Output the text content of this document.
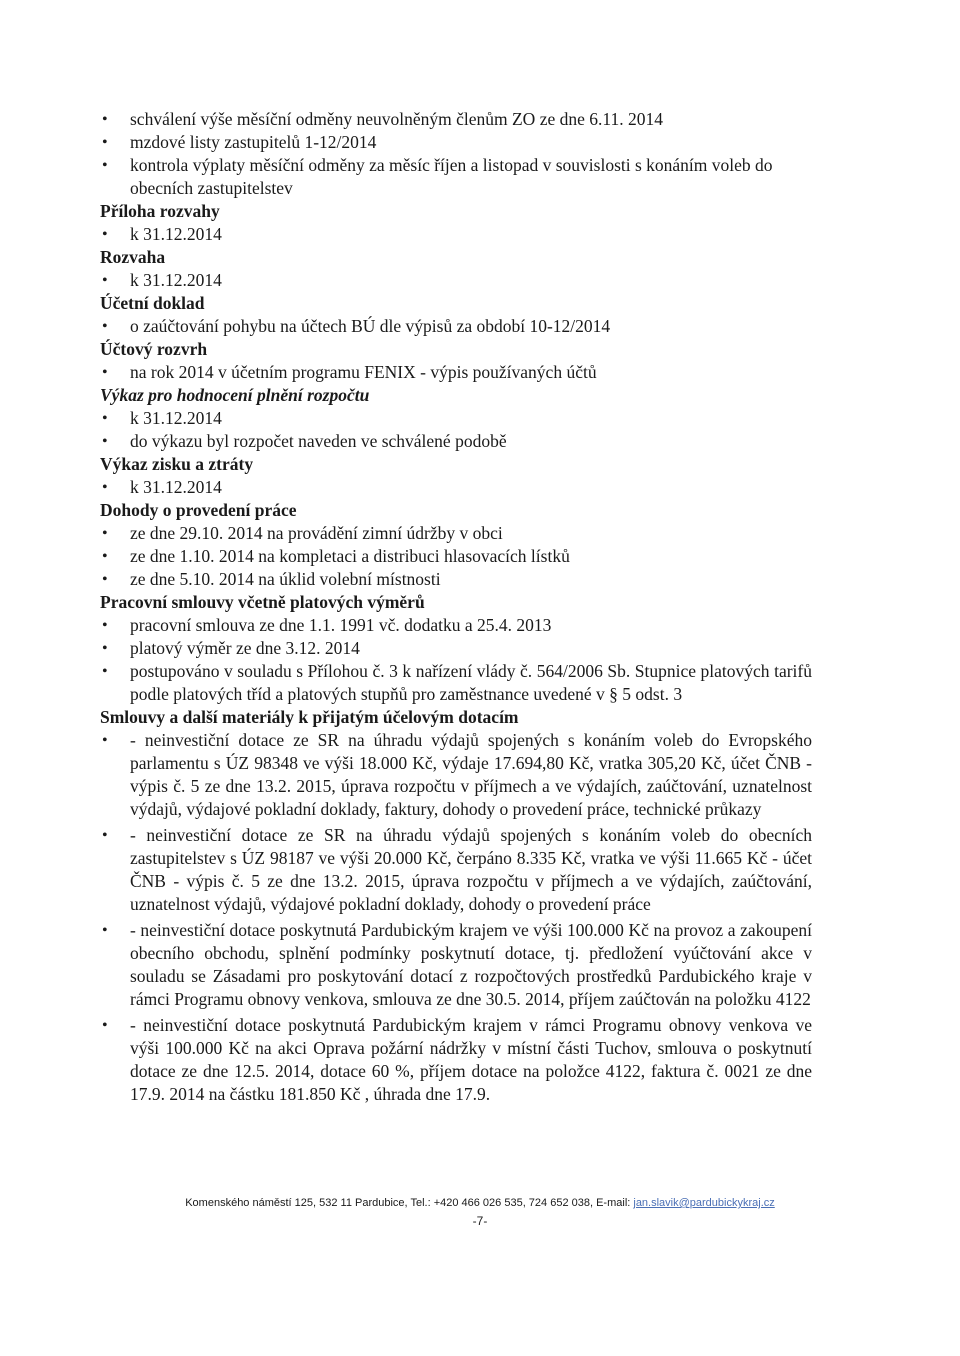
• schválení výše měsíční odměny neuvolněným členům ZO ze dne 6.11. 2014
• mzdové listy zastupitelů 1-12/2014
• kontrola výplaty měsíční odměny za měsíc říjen a listopad v souvislosti s konáním voleb do obecních zastupitelstev

Příloha rozvahy

• k 31.12.2014

Rozvaha

• k 31.12.2014

Účetní doklad

• o zaúčtování pohybu na účtech BÚ dle výpisů za období 10-12/2014

Účtový rozvrh

• na rok 2014 v účetním programu FENIX - výpis používaných účtů

Výkaz pro hodnocení plnění rozpočtu

• k 31.12.2014
• do výkazu byl rozpočet naveden ve schválené podobě

Výkaz zisku a ztráty

• k 31.12.2014

Dohody o provedení práce

• ze dne 29.10. 2014 na provádění zimní údržby v obci
• ze dne 1.10. 2014 na kompletaci a distribuci hlasovacích lístků
• ze dne 5.10. 2014 na úklid volební místnosti

Pracovní smlouvy včetně platových výměrů

• pracovní smlouva ze dne 1.1. 1991 vč. dodatku a 25.4. 2013
• platový výměr ze dne 3.12. 2014
• postupováno v souladu s Přílohou č. 3 k nařízení vlády č. 564/2006 Sb. Stupnice platových tarifů podle platových tříd a platových stupňů pro zaměstnance uvedené v § 5 odst. 3

Smlouvy a další materiály k přijatým účelovým dotacím

• - neinvestiční dotace ze SR na úhradu výdajů spojených s konáním voleb do Evropského parlamentu s ÚZ 98348 ve výši 18.000 Kč, výdaje 17.694,80 Kč, vratka 305,20 Kč, účet ČNB - výpis č. 5 ze dne 13.2. 2015, úprava rozpočtu v příjmech a ve výdajích, zaúčtování, uznatelnost výdajů, výdajové pokladní doklady, faktury, dohody o provedení práce, technické průkazy
• - neinvestiční dotace ze SR na úhradu výdajů spojených s konáním voleb do obecních zastupitelstev s ÚZ 98187 ve výši 20.000 Kč, čerpáno 8.335 Kč, vratka ve výši 11.665 Kč - účet ČNB - výpis č. 5 ze dne 13.2. 2015, úprava rozpočtu v příjmech a ve výdajích, zaúčtování, uznatelnost výdajů, výdajové pokladní doklady, dohody o provedení práce
• - neinvestiční dotace poskytnutá Pardubickým krajem ve výši 100.000 Kč na provoz a zakoupení obecního obchodu, splnění podmínky poskytnutí dotace, tj. předložení vyúčtování akce v souladu se Zásadami pro poskytování dotací z rozpočtových prostředků Pardubického kraje v rámci Programu obnovy venkova, smlouva ze dne 30.5. 2014, příjem zaúčtován na položku 4122
• - neinvestiční dotace poskytnutá Pardubickým krajem v rámci Programu obnovy venkova ve výši 100.000 Kč na akci Oprava požární nádržky v místní části Tuchov, smlouva o poskytnutí dotace ze dne 12.5. 2014, dotace 60 %, příjem dotace na položce 4122, faktura č. 0021 ze dne 17.9. 2014 na částku 181.850 Kč , úhrada dne 17.9.
Komenského náměstí 125, 532 11 Pardubice, Tel.: +420 466 026 535, 724 652 038, E-mail: jan.slavik@pardubickykraj.cz
-7-
